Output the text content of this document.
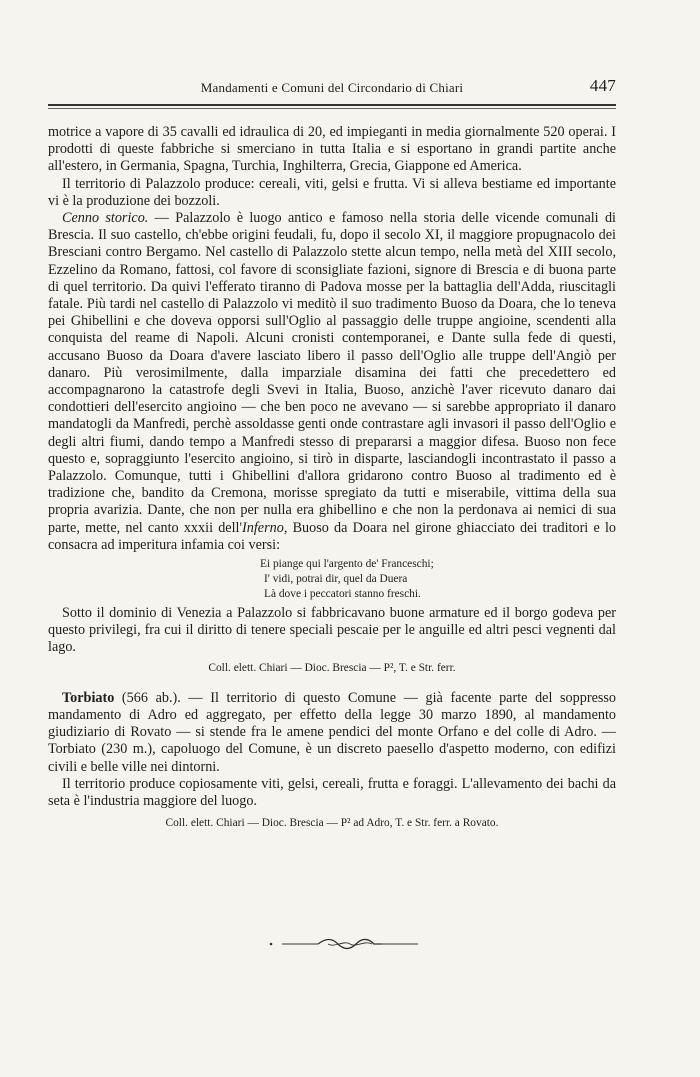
Mandamenti e Comuni del Circondario di Chiari	447

motrice a vapore di 35 cavalli ed idraulica di 20, ed impieganti in media giornalmente 520 operai. I prodotti di queste fabbriche si smerciano in tutta Italia e si esportano in grandi partite anche all'estero, in Germania, Spagna, Turchia, Inghilterra, Grecia, Giappone ed America.

Il territorio di Palazzolo produce: cereali, viti, gelsi e frutta. Vi si alleva bestiame ed importante vi è la produzione dei bozzoli.

Cenno storico. — Palazzolo è luogo antico e famoso nella storia delle vicende comunali di Brescia. Il suo castello, ch'ebbe origini feudali, fu, dopo il secolo XI, il maggiore propugnacolo dei Bresciani contro Bergamo. Nel castello di Palazzolo stette alcun tempo, nella metà del XIII secolo, Ezzelino da Romano, fattosi, col favore di sconsigliate fazioni, signore di Brescia e di buona parte di quel territorio. Da quivi l'efferato tiranno di Padova mosse per la battaglia dell'Adda, riuscitagli fatale. Più tardi nel castello di Palazzolo vi meditò il suo tradimento Buoso da Doara, che lo teneva pei Ghibellini e che doveva opporsi sull'Oglio al passaggio delle truppe angioine, scendenti alla conquista del reame di Napoli. Alcuni cronisti contemporanei, e Dante sulla fede di questi, accusano Buoso da Doara d'avere lasciato libero il passo dell'Oglio alle truppe dell'Angiò per danaro. Più verosimilmente, dalla imparziale disamina dei fatti che precedettero ed accompagnarono la catastrofe degli Svevi in Italia, Buoso, anzichè l'aver ricevuto danaro dai condottieri dell'esercito angioino — che ben poco ne avevano — si sarebbe appropriato il danaro mandatogli da Manfredi, perchè assoldasse genti onde contrastare agli invasori il passo dell'Oglio e degli altri fiumi, dando tempo a Manfredi stesso di prepararsi a maggior difesa. Buoso non fece questo e, sopraggiunto l'esercito angioino, si tirò in disparte, lasciandogli incontrastato il passo a Palazzolo. Comunque, tutti i Ghibellini d'allora gridarono contro Buoso al tradimento ed è tradizione che, bandito da Cremona, morisse spregiato da tutti e miserabile, vittima della sua propria avarizia. Dante, che non per nulla era ghibellino e che non la perdonava ai nemici di sua parte, mette, nel canto xxxii dell'Inferno, Buoso da Doara nel girone ghiacciato dei traditori e lo consacra ad imperitura infamia coi versi:

Ei piange qui l'argento de' Franceschi;
I' vidi, potrai dir, quel da Duera
Là dove i peccatori stanno freschi.

Sotto il dominio di Venezia a Palazzolo si fabbricavano buone armature ed il borgo godeva per questo privilegi, fra cui il diritto di tenere speciali pescaie per le anguille ed altri pesci vegnenti dal lago.

Coll. elett. Chiari — Dioc. Brescia — P², T. e Str. ferr.

Torbiato (566 ab.). — Il territorio di questo Comune — già facente parte del soppresso mandamento di Adro ed aggregato, per effetto della legge 30 marzo 1890, al mandamento giudiziario di Rovato — si stende fra le amene pendici del monte Orfano e del colle di Adro. — Torbiato (230 m.), capoluogo del Comune, è un discreto paesello d'aspetto moderno, con edifizi civili e belle ville nei dintorni.

Il territorio produce copiosamente viti, gelsi, cereali, frutta e foraggi. L'allevamento dei bachi da seta è l'industria maggiore del luogo.

Coll. elett. Chiari — Dioc. Brescia — P² ad Adro, T. e Str. ferr. a Rovato.
